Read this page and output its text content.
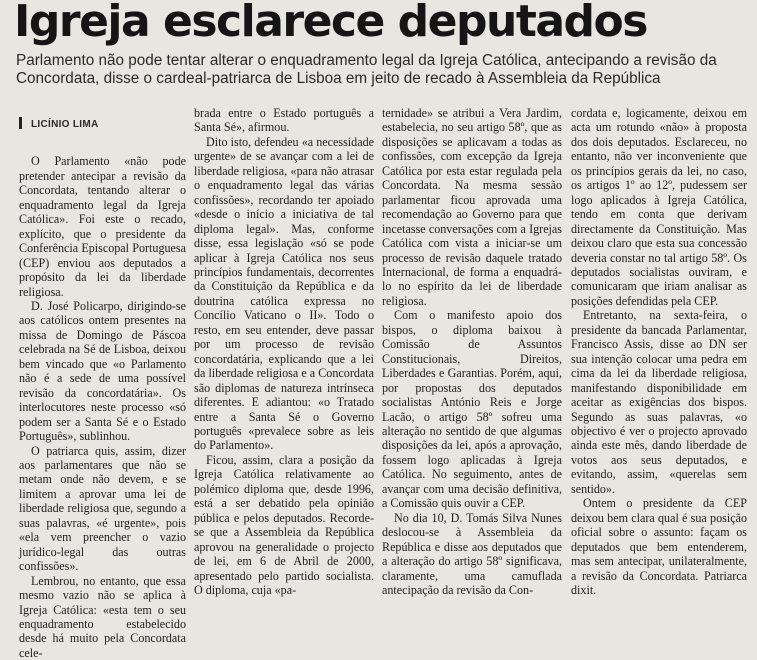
Igreja esclarece deputados
Parlamento não pode tentar alterar o enquadramento legal da Igreja Católica, antecipando a revisão da Concordata, disse o cardeal-patriarca de Lisboa em jeito de recado à Assembleia da República
LICÍNIO LIMA

O Parlamento «não pode pretender antecipar a revisão da Concordata, tentando alterar o enquadramento legal da Igreja Católica». Foi este o recado, explícito, que o presidente da Conferência Episcopal Portuguesa (CEP) enviou aos deputados a propósito da lei da liberdade religiosa.

D. José Policarpo, dirigindo-se aos católicos ontem presentes na missa de Domingo de Páscoa celebrada na Sé de Lisboa, deixou bem vincado que «o Parlamento não é a sede de uma possível revisão da concordatária». Os interlocutores neste processo «só podem ser a Santa Sé e o Estado Português», sublinhou.

O patriarca quis, assim, dizer aos parlamentares que não se metam onde não devem, e se limitem a aprovar uma lei de liberdade religiosa que, segundo a suas palavras, «é urgente», pois «ela vem preencher o vazio jurídico-legal das outras confissões».

Lembrou, no entanto, que essa mesmo vazio não se aplica à Igreja Católica: «esta tem o seu enquadramento estabelecido desde há muito pela Concordata cele-

brada entre o Estado português a Santa Sé», afirmou.

Dito isto, defendeu «a necessidade urgente» de se avançar com a lei de liberdade religiosa, «para não atrasar o enquadramento legal das várias confissões», recordando ter apoiado «desde o início a iniciativa de tal diploma legal». Mas, conforme disse, essa legislação «só se pode aplicar à Igreja Católica nos seus princípios fundamentais, decorrentes da Constituição da República e da doutrina católica expressa no Concílio Vaticano o II». Todo o resto, em seu entender, deve passar por um processo de revisão concordatária, explicando que a lei da liberdade religiosa e a Concordata são diplomas de natureza intrínseca diferentes. E adiantou: «o Tratado entre a Santa Sé o Governo português «prevalece sobre as leis do Parlamento».

Ficou, assim, clara a posição da Igreja Católica relativamente ao polémico diploma que, desde 1996, está a ser debatido pela opinião pública e pelos deputados. Recorde-se que a Assembleia da República aprovou na generalidade o projecto de lei, em 6 de Abril de 2000, apresentado pelo partido socialista. O diploma, cuja «pa-

ternidade» se atribui a Vera Jardim, estabelecia, no seu artigo 58º, que as disposições se aplicavam a todas as confissões, com excepção da Igreja Católica por esta estar regulada pela Concordata. Na mesma sessão parlamentar ficou aprovada uma recomendação ao Governo para que incetasse conversações com a Igrejas Católica com vista a iniciar-se um processo de revisão daquele tratado Internacional, de forma a enquadrá-lo no espírito da lei de liberdade religiosa.

Com o manifesto apoio dos bispos, o diploma baixou à Comissão de Assuntos Constitucionais, Direitos, Liberdades e Garantias. Porém, aqui, por propostas dos deputados socialistas António Reis e Jorge Lacão, o artigo 58º sofreu uma alteração no sentido de que algumas disposições da lei, após a aprovação, fossem logo aplicadas à Igreja Católica. No seguimento, antes de avançar com uma decisão definitiva, a Comissão quis ouvir a CEP.

No dia 10, D. Tomás Silva Nunes deslocou-se à Assembleia da República e disse aos deputados que a alteração do artigo 58º significava, claramente, uma camuflada antecipação da revisão da Con-

cordata e, logicamente, deixou em acta um rotundo «não» à proposta dos dois deputados. Esclareceu, no entanto, não ver inconveniente que os princípios gerais da lei, no caso, os artigos 1º ao 12º, pudessem ser logo aplicados à Igreja Católica, tendo em conta que derivam directamente da Constituição. Mas deixou claro que esta sua concessão deveria constar no tal artigo 58º. Os deputados socialistas ouviram, e comunicaram que iriam analisar as posições defendidas pela CEP.

Entretanto, na sexta-feira, o presidente da bancada Parlamentar, Francisco Assis, disse ao DN ser sua intenção colocar uma pedra em cima da lei da liberdade religiosa, manifestando disponibilidade em aceitar as exigências dos bispos. Segundo as suas palavras, «o objectivo é ver o projecto aprovado ainda este mês, dando liberdade de votos aos seus deputados, e evitando, assim, «querelas sem sentido».

Ontem o presidente da CEP deixou bem clara qual é sua posição oficial sobre o assunto: façam os deputados que bem entenderem, mas sem antecipar, unilateralmente, a revisão da Concordata. Patriarca dixit.
